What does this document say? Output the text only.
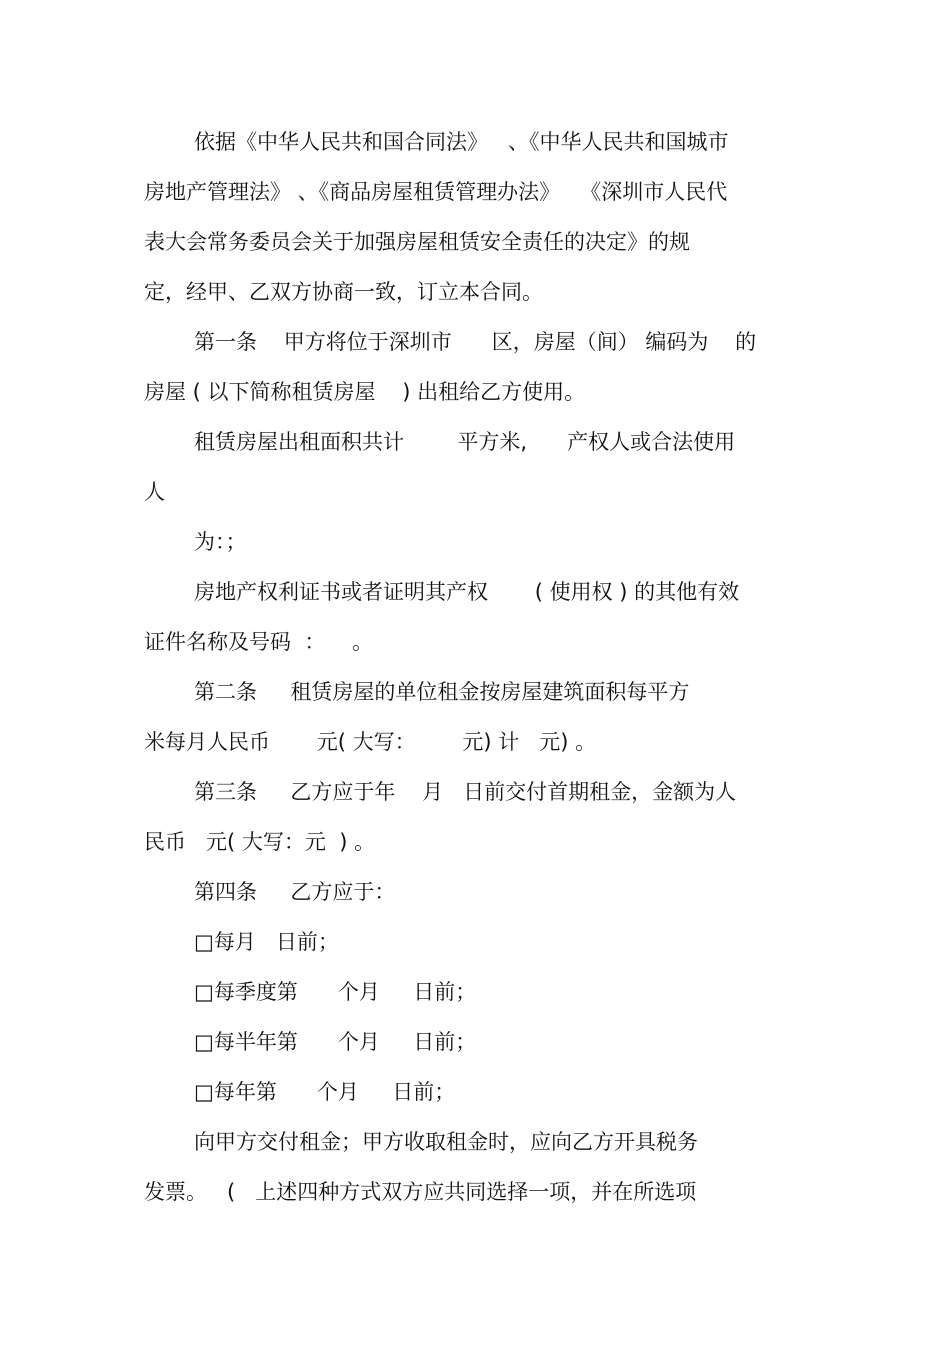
依据《中华人民共和国合同法》   、《中华人民共和国城市
房地产管理法》 、《商品房屋租赁管理办法》   《深圳市人民代
表大会常务委员会关于加强房屋租赁安全责任的决定》的规
定，经甲、乙双方协商一致，订立本合同。
第一条    甲方将位于深圳市      区，房屋（间） 编码为    的
房屋 ( 以下简称租赁房屋    ) 出租给乙方使用。
租赁房屋出租面积共计        平方米,      产权人或合法使用
人
为：；
房地产权利证书或者证明其产权       ( 使用权 ) 的其他有效
证件名称及号码  ：    。
第二条     租赁房屋的单位租金按房屋建筑面积每平方
米每月人民币       元( 大写：       元) 计   元) 。
第三条     乙方应于年    月   日前交付首期租金，金额为人
民币   元( 大写：元  ) 。
第四条     乙方应于：
□每月   日前；
□每季度第      个月     日前；
□每半年第      个月     日前；
□每年第      个月     日前；
向甲方交付租金；甲方收取租金时，应向乙方开具税务
发票。   (   上述四种方式双方应共同选择一项，并在所选项
